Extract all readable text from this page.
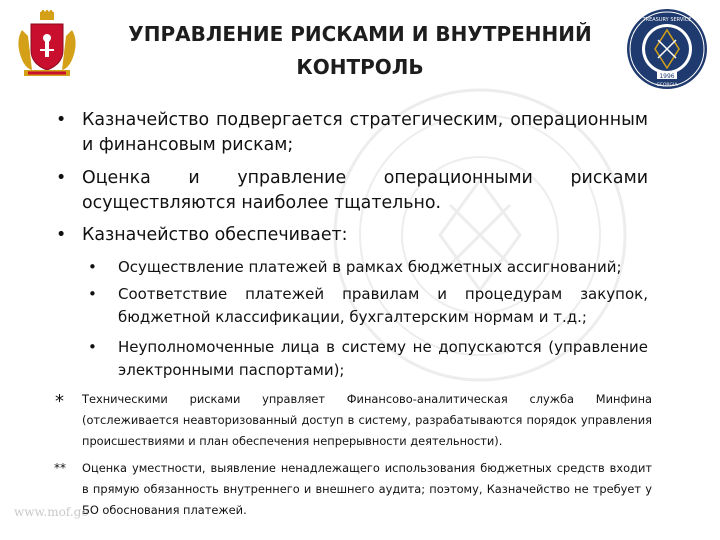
1996
TREASURY SERVICE
GEORGIA
УПРАВЛЕНИЕ РИСКАМИ И ВНУТРЕННИЙ
КОНТРОЛЬ
• Казначейство подвергается стратегическим, операционным и финансовым рискам;
• Оценка и управление операционными рисками осуществляются наиболее тщательно.
• Казначейство обеспечивает:
•	Осуществление платежей в рамках бюджетных ассигнований;
•	Соответствие платежей правилам и процедурам закупок, бюджетной классификации, бухгалтерским нормам и т.д.;
•	Неуполномоченные лица в систему не допускаются (управление электронными паспортами);
* Техническими рисками управляет Финансово-аналитическая служба Минфина (отслеживается неавторизованный доступ в систему, разрабатываются порядок управления происшествиями и план обеспечения непрерывности деятельности).
** Оценка уместности, выявление ненадлежащего использования бюджетных средств входит в прямую обязанность внутреннего и внешнего аудита; поэтому, Казначейство не требует у БО обоснования платежей.
www.mof.ge
